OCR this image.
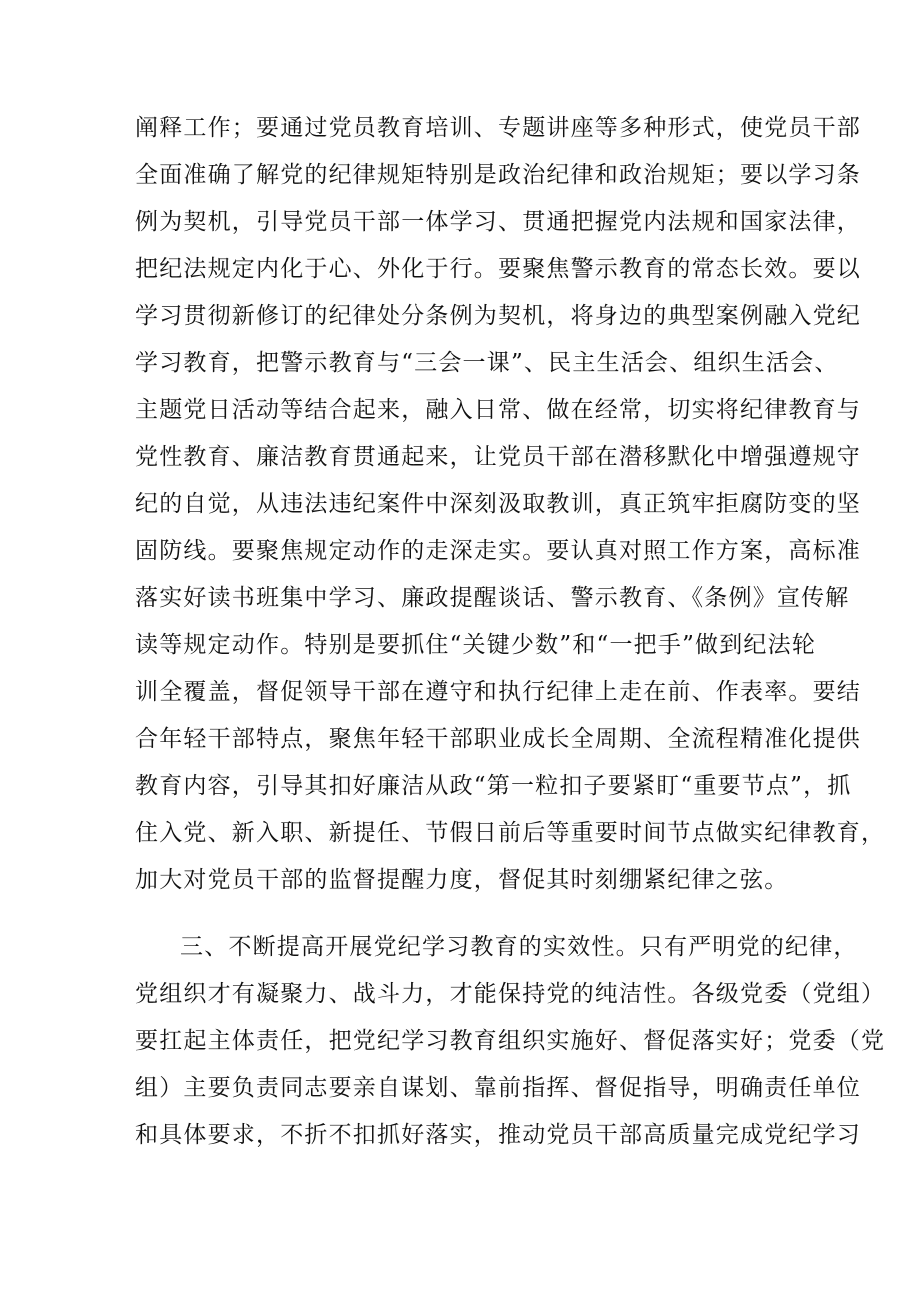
阐释工作；要通过党员教育培训、专题讲座等多种形式，使党员干部
全面准确了解党的纪律规矩特别是政治纪律和政治规矩；要以学习条
例为契机，引导党员干部一体学习、贯通把握党内法规和国家法律，
把纪法规定内化于心、外化于行。要聚焦警示教育的常态长效。要以
学习贯彻新修订的纪律处分条例为契机，将身边的典型案例融入党纪
学习教育，把警示教育与“三会一课”、民主生活会、组织生活会、
主题党日活动等结合起来，融入日常、做在经常，切实将纪律教育与
党性教育、廉洁教育贯通起来，让党员干部在潜移默化中增强遵规守
纪的自觉，从违法违纪案件中深刻汲取教训，真正筑牢拒腐防变的坚
固防线。要聚焦规定动作的走深走实。要认真对照工作方案，高标准
落实好读书班集中学习、廉政提醒谈话、警示教育、《条例》宣传解
读等规定动作。特别是要抓住“关键少数”和“一把手”做到纪法轮
训全覆盖，督促领导干部在遵守和执行纪律上走在前、作表率。要结
合年轻干部特点，聚焦年轻干部职业成长全周期、全流程精准化提供
教育内容，引导其扣好廉洁从政“第一粒扣子要紧盯“重要节点”，抓
住入党、新入职、新提任、节假日前后等重要时间节点做实纪律教育，
加大对党员干部的监督提醒力度，督促其时刻绷紧纪律之弦。
三、不断提高开展党纪学习教育的实效性。只有严明党的纪律，
党组织才有凝聚力、战斗力，才能保持党的纯洁性。各级党委（党组）
要扛起主体责任，把党纪学习教育组织实施好、督促落实好；党委（党
组）主要负责同志要亲自谋划、靠前指挥、督促指导，明确责任单位
和具体要求，不折不扣抓好落实，推动党员干部高质量完成党纪学习
